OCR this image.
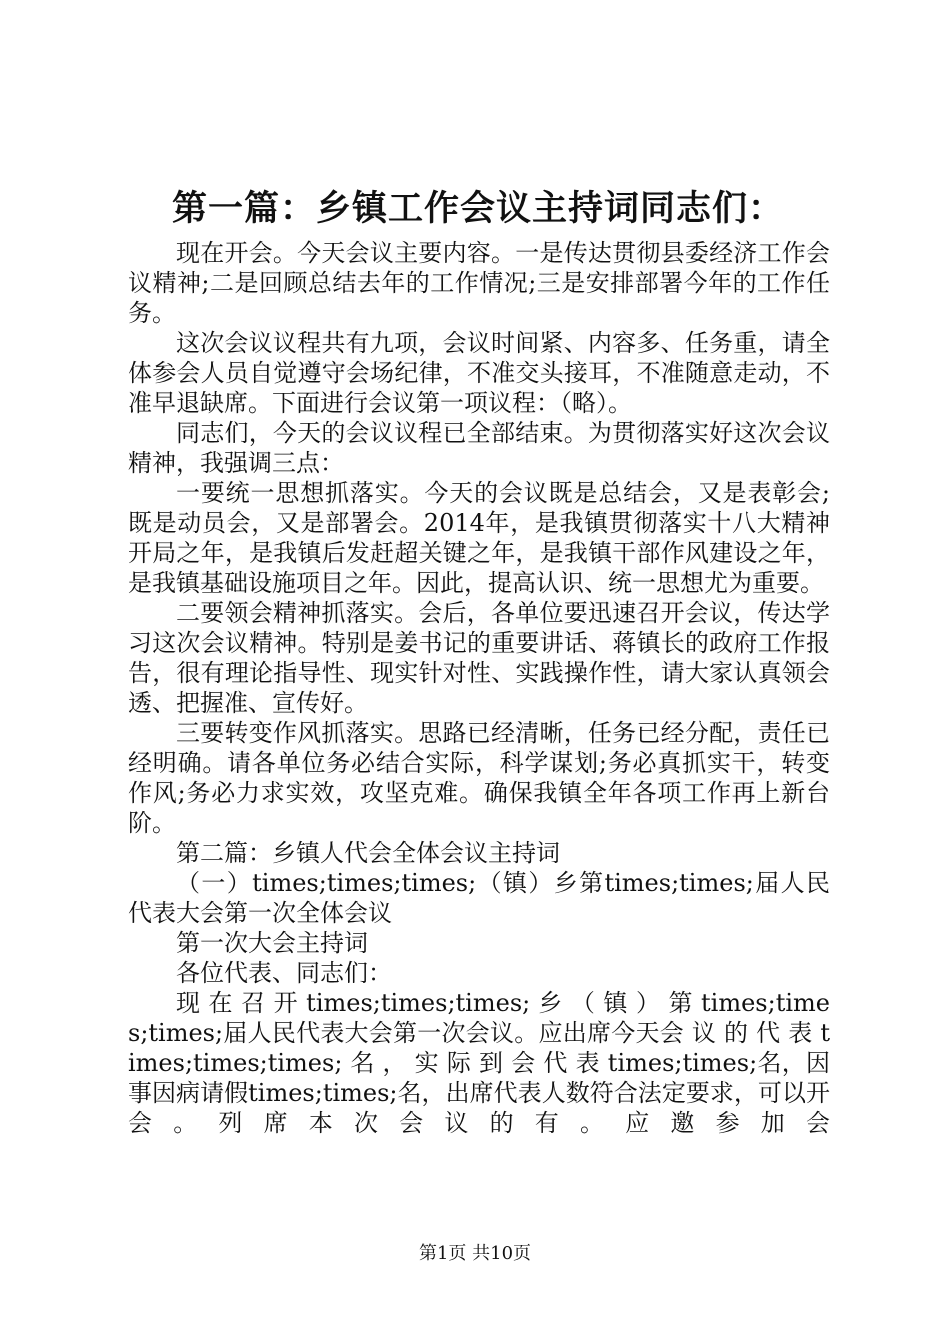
第一篇：乡镇工作会议主持词同志们：

现在开会。今天会议主要内容。一是传达贯彻县委经济工作会议精神;二是回顾总结去年的工作情况;三是安排部署今年的工作任务。

这次会议议程共有九项，会议时间紧、内容多、任务重，请全体参会人员自觉遵守会场纪律，不准交头接耳，不准随意走动，不准早退缺席。下面进行会议第一项议程：（略）。

同志们，今天的会议议程已全部结束。为贯彻落实好这次会议精神，我强调三点：

一要统一思想抓落实。今天的会议既是总结会，又是表彰会;既是动员会，又是部署会。2014年，是我镇贯彻落实十八大精神开局之年，是我镇后发赶超关键之年，是我镇干部作风建设之年，是我镇基础设施项目之年。因此，提高认识、统一思想尤为重要。

二要领会精神抓落实。会后，各单位要迅速召开会议，传达学习这次会议精神。特别是姜书记的重要讲话、蒋镇长的政府工作报告，很有理论指导性、现实针对性、实践操作性，请大家认真领会透、把握准、宣传好。

三要转变作风抓落实。思路已经清晰，任务已经分配，责任已经明确。请各单位务必结合实际，科学谋划;务必真抓实干，转变作风;务必力求实效，攻坚克难。确保我镇全年各项工作再上新台阶。

第二篇：乡镇人代会全体会议主持词

（一）times;times;times;（镇）乡第times;times;届人民代表大会第一次全体会议

第一次大会主持词

各位代表、同志们：

现 在 召 开 times;times;times; 乡 （ 镇 ） 第 times;times;times;届人民代表大会第一次会议。应出席今天会 议 的 代 表 times;times;times; 名 ， 实 际 到 会 代 表 times;times;名，因事因病请假times;times;名，出席代表人数符合法定要求，可以开会。列席本次会议的有。应邀参加会

第1页 共10页
